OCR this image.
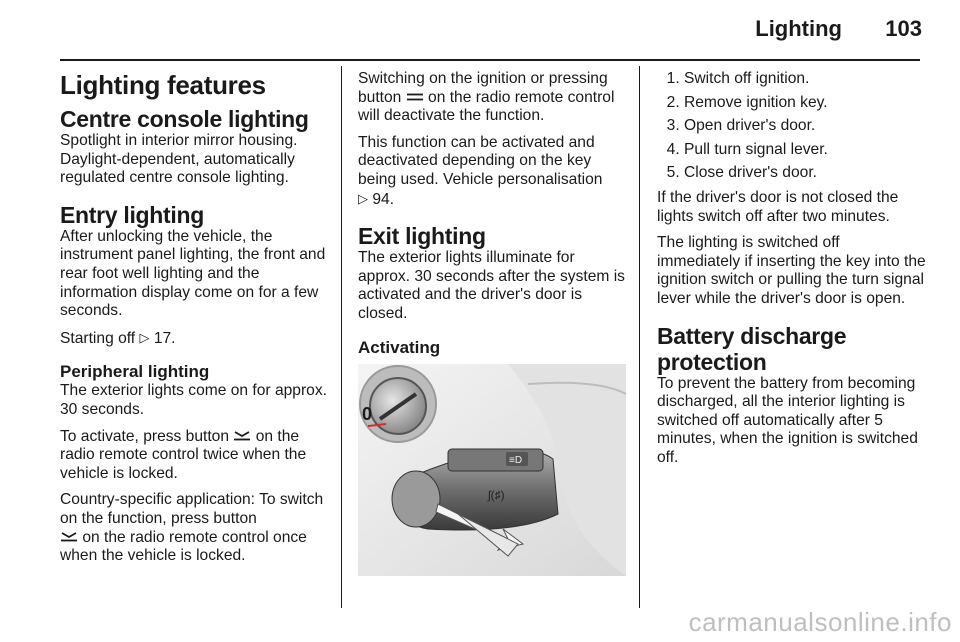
Lighting 103
Lighting features
Centre console lighting

Spotlight in interior mirror housing. Daylight-dependent, automatically regulated centre console lighting.

Entry lighting

After unlocking the vehicle, the instrument panel lighting, the front and rear foot well lighting and the information display come on for a few seconds.

Starting off ▷ 17.

Peripheral lighting

The exterior lights come on for approx. 30 seconds.

To activate, press button on the radio remote control twice when the vehicle is locked.

Country-specific application: To switch on the function, press button
on the radio remote control once when the vehicle is locked.

Switching on the ignition or pressing button on the radio remote control will deactivate the function.

This function can be activated and deactivated depending on the key being used. Vehicle personalisation
▷ 94.

Exit lighting

The exterior lights illuminate for approx. 30 seconds after the system is activated and the driver's door is closed.

Activating
0
≡D
ʃ(♯)
1. Switch off ignition.
2. Remove ignition key.
3. Open driver's door.
4. Pull turn signal lever.
5. Close driver's door.

If the driver's door is not closed the lights switch off after two minutes.

The lighting is switched off immediately if inserting the key into the ignition switch or pulling the turn signal lever while the driver's door is open.

Battery discharge protection

To prevent the battery from becoming discharged, all the interior lighting is switched off automatically after 5 minutes, when the ignition is switched off.

carmanualsonline.info
